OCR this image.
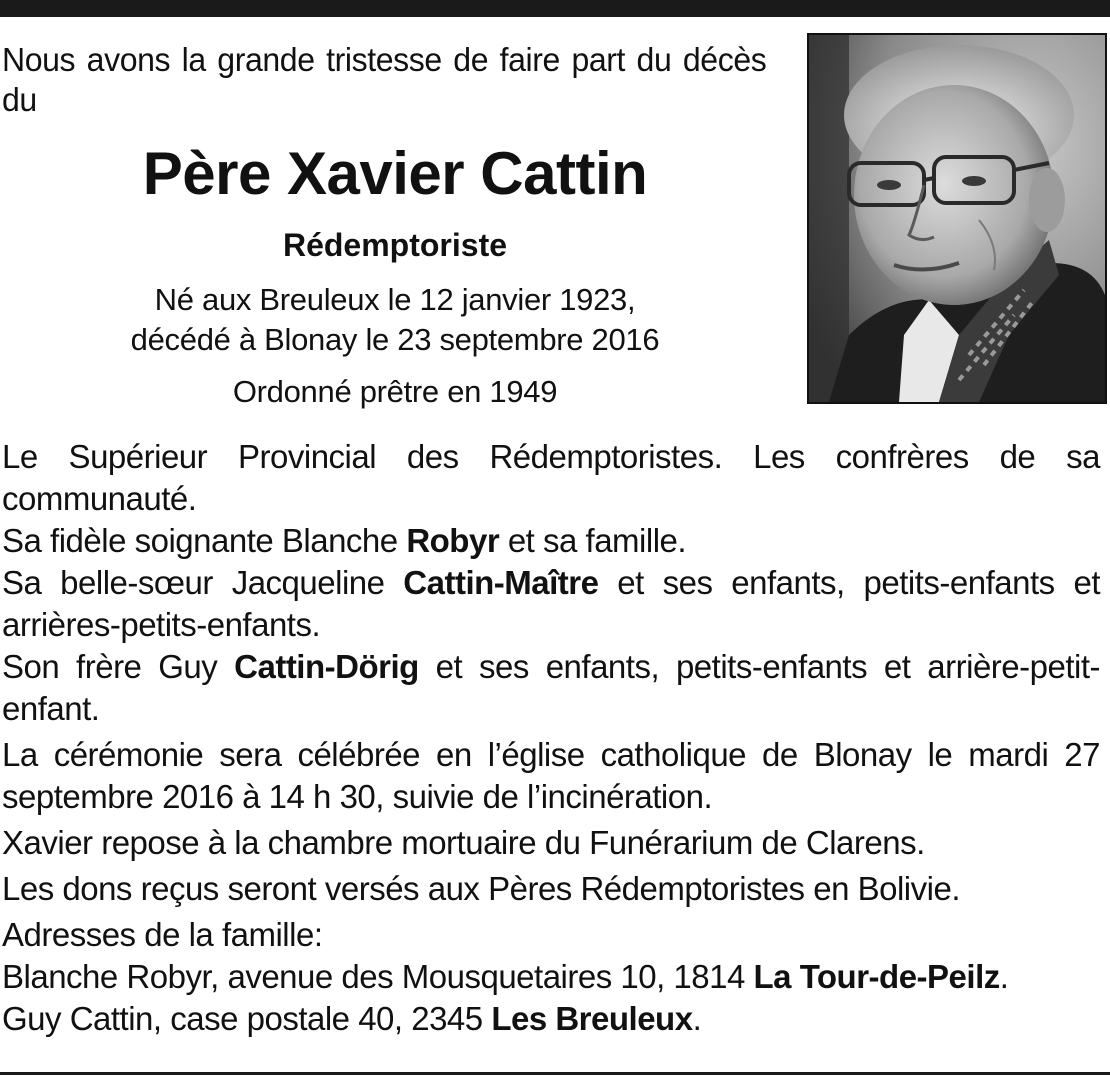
Nous avons la grande tristesse de faire part du décès du
Père Xavier Cattin
Rédemptoriste
Né aux Breuleux le 12 janvier 1923,
décédé à Blonay le 23 septembre 2016
Ordonné prêtre en 1949

Le Supérieur Provincial des Rédemptoristes. Les confrères de sa communauté.

Sa fidèle soignante Blanche Robyr et sa famille.

Sa belle-sœur Jacqueline Cattin-Maître et ses enfants, petits-enfants et arrières-petits-enfants.

Son frère Guy Cattin-Dörig et ses enfants, petits-enfants et arrière-petit-enfant.

La cérémonie sera célébrée en l’église catholique de Blonay le mardi 27 septembre 2016 à 14 h 30, suivie de l’incinération.

Xavier repose à la chambre mortuaire du Funérarium de Clarens.

Les dons reçus seront versés aux Pères Rédemptoristes en Bolivie.

Adresses de la famille:

Blanche Robyr, avenue des Mousquetaires 10, 1814 La Tour-de-Peilz.

Guy Cattin, case postale 40, 2345 Les Breuleux.
